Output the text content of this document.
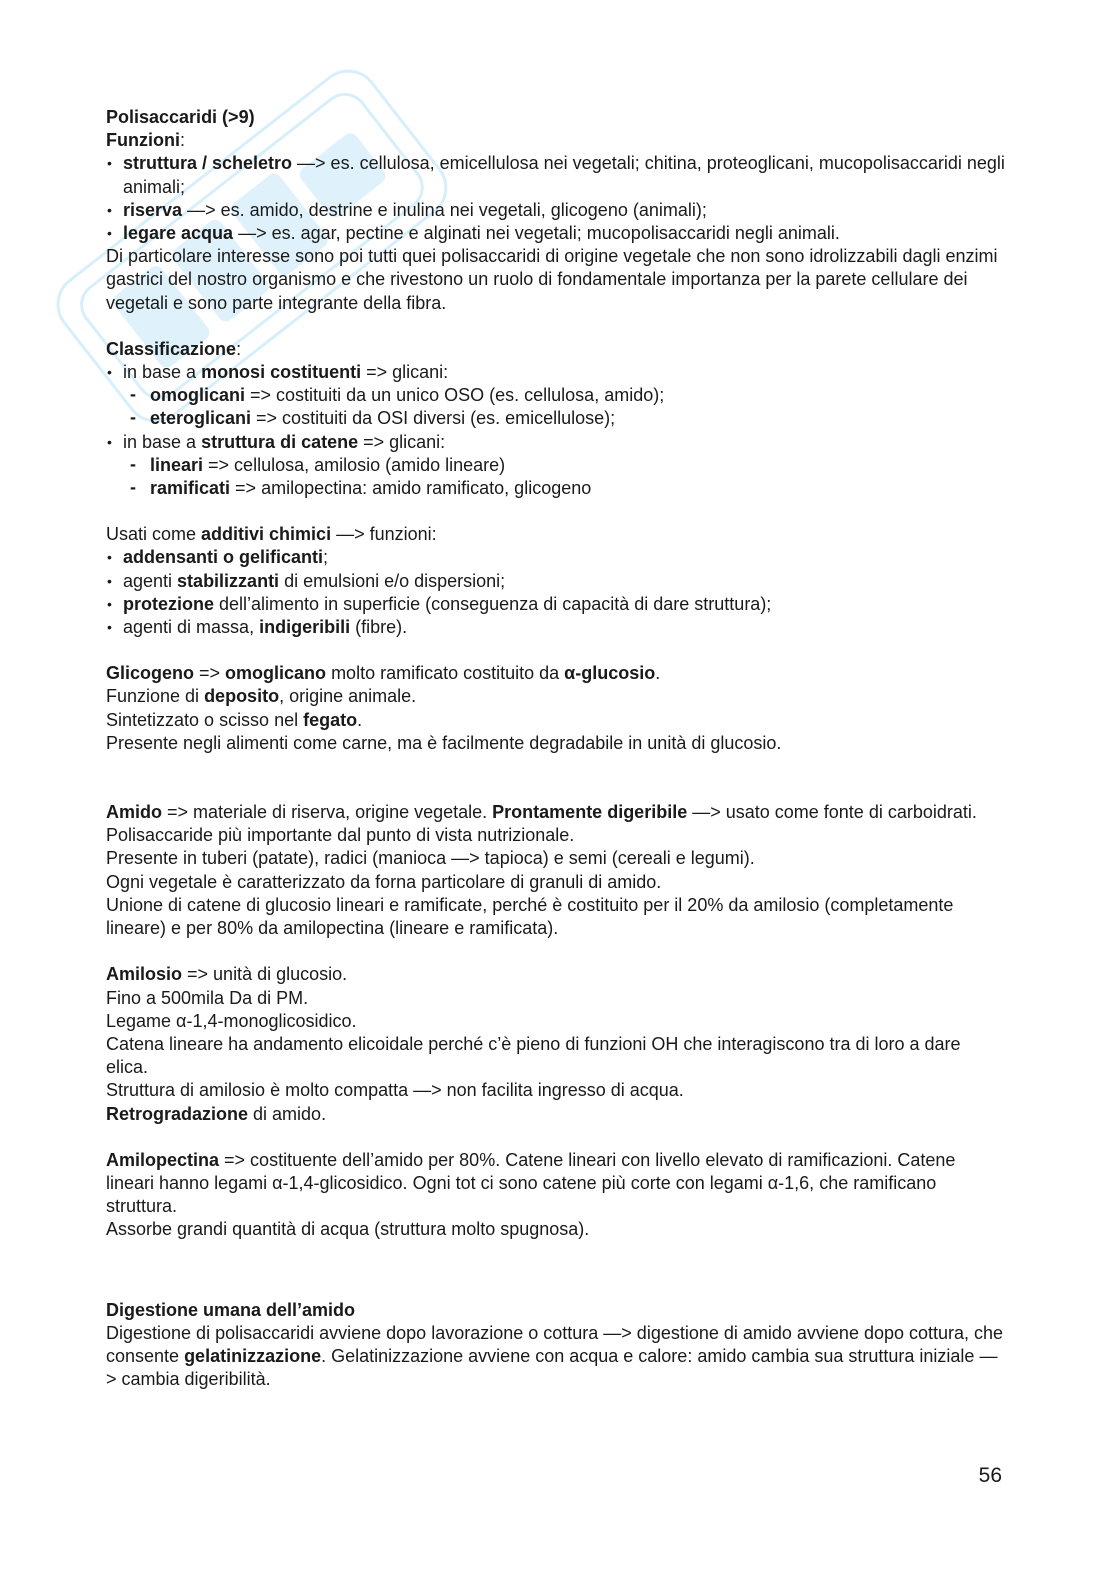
Polisaccaridi (>9)

Funzioni:

• struttura / scheletro —> es. cellulosa, emicellulosa nei vegetali; chitina, proteoglicani, mucopolisaccaridi negli animali;
• riserva —> es. amido, destrine e inulina nei vegetali, glicogeno (animali);
• legare acqua —> es. agar, pectine e alginati nei vegetali; mucopolisaccaridi negli animali.

Di particolare interesse sono poi tutti quei polisaccaridi di origine vegetale che non sono idrolizzabili dagli enzimi gastrici del nostro organismo e che rivestono un ruolo di fondamentale importanza per la parete cellulare dei vegetali e sono parte integrante della fibra.

Classificazione:

• in base a monosi costituenti => glicani:
- omoglicani => costituiti da un unico OSO (es. cellulosa, amido);
- eteroglicani => costituiti da OSI diversi (es. emicellulose);
• in base a struttura di catene => glicani:
- lineari => cellulosa, amilosio (amido lineare)
- ramificati => amilopectina: amido ramificato, glicogeno

Usati come additivi chimici —> funzioni:

• addensanti o gelificanti;
• agenti stabilizzanti di emulsioni e/o dispersioni;
• protezione dell’alimento in superficie (conseguenza di capacità di dare struttura);
• agenti di massa, indigeribili (fibre).

Glicogeno => omoglicano molto ramificato costituito da α-glucosio.

Funzione di deposito, origine animale.

Sintetizzato o scisso nel fegato.

Presente negli alimenti come carne, ma è facilmente degradabile in unità di glucosio.

Amido => materiale di riserva, origine vegetale. Prontamente digeribile —> usato come fonte di carboidrati. Polisaccaride più importante dal punto di vista nutrizionale.

Presente in tuberi (patate), radici (manioca —> tapioca) e semi (cereali e legumi).

Ogni vegetale è caratterizzato da forna particolare di granuli di amido.

Unione di catene di glucosio lineari e ramificate, perché è costituito per il 20% da amilosio (completamente lineare) e per 80% da amilopectina (lineare e ramificata).

Amilosio => unità di glucosio.

Fino a 500mila Da di PM.

Legame α-1,4-monoglicosidico.

Catena lineare ha andamento elicoidale perché c’è pieno di funzioni OH che interagiscono tra di loro a dare elica.

Struttura di amilosio è molto compatta —> non facilita ingresso di acqua.

Retrogradazione di amido.

Amilopectina => costituente dell’amido per 80%. Catene lineari con livello elevato di ramificazioni. Catene lineari hanno legami α-1,4-glicosidico. Ogni tot ci sono catene più corte con legami α-1,6, che ramificano struttura.

Assorbe grandi quantità di acqua (struttura molto spugnosa).

Digestione umana dell’amido

Digestione di polisaccaridi avviene dopo lavorazione o cottura —> digestione di amido avviene dopo cottura, che consente gelatinizzazione. Gelatinizzazione avviene con acqua e calore: amido cambia sua struttura iniziale —> cambia digeribilità.

56
